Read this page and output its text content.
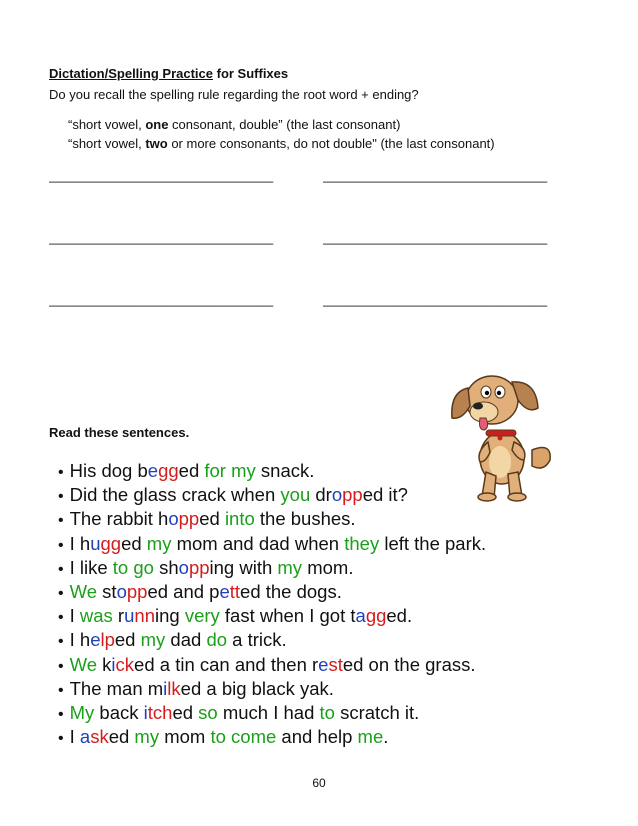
Dictation/Spelling Practice for Suffixes
Do you recall the spelling rule regarding the root word + ending?
“short vowel, one consonant, double” (the last consonant)
“short vowel, two or more consonants, do not double" (the last consonant)
_______________________________	_______________________________
_______________________________	_______________________________
_______________________________	_______________________________
Read these sentences.
• His dog begged for my snack.
• Did the glass crack when you dropped it?
• The rabbit hopped into the bushes.
• I hugged my mom and dad when they left the park.
• I like to go shopping with my mom.
• We stopped and petted the dogs.
• I was running very fast when I got tagged.
• I helped my dad do a trick.
• We kicked a tin can and then rested on the grass.
• The man milked a big black yak.
• My back itched so much I had to scratch it.
• I asked my mom to come and help me.
60
